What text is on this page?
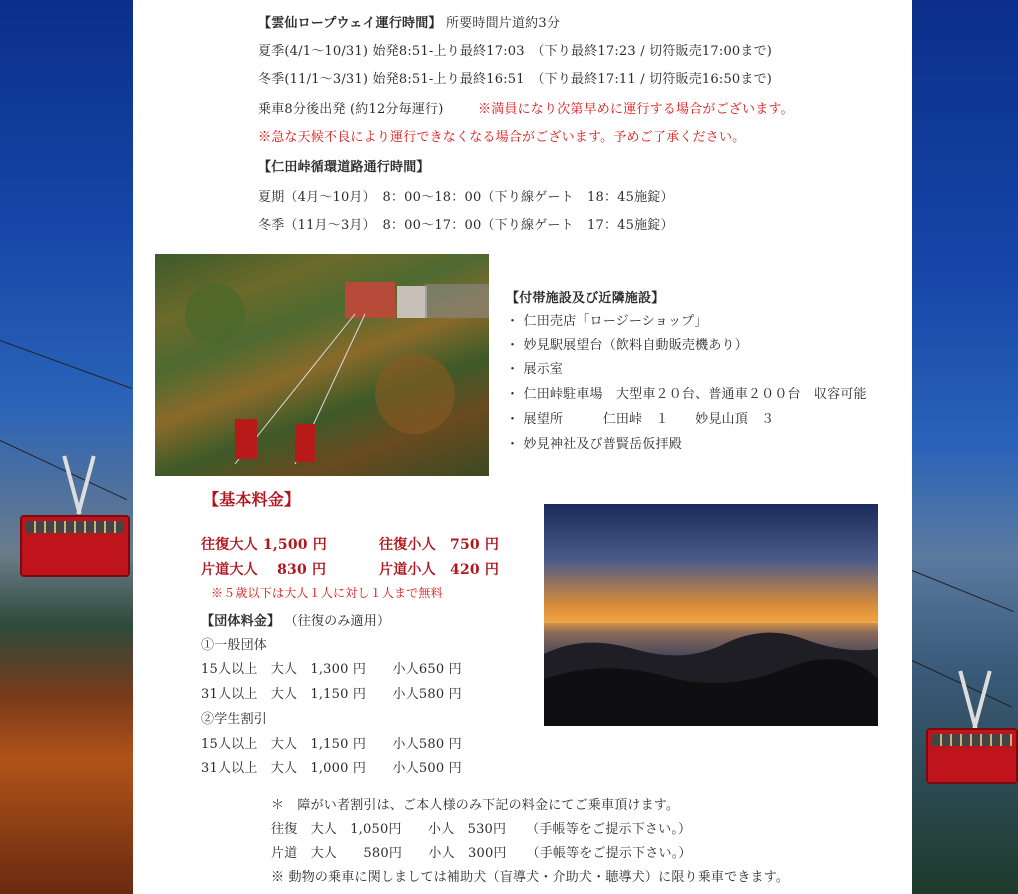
【雲仙ロープウェイ運行時間】 所要時間片道約3分
夏季(4/1～10/31) 始発8:51-上り最終17:03　（下り最終17:23 / 切符販売17:00まで)
冬季(11/1～3/31) 始発8:51-上り最終16:51　（下り最終17:11 / 切符販売16:50まで)
乗車8分後出発 (約12分毎運行)	※満員になり次第早めに運行する場合がございます。
※急な天候不良により運行できなくなる場合がございます。予めご了承ください。
【仁田峠循環道路通行時間】
夏期（4月～10月）　8：00～18：00（下り線ゲート　18：45施錠）
冬季（11月～3月）　8：00～17：00（下り線ゲート　17：45施錠）
【付帯施設及び近隣施設】
・ 仁田売店「ロージーショップ」
・ 妙見駅展望台（飲料自動販売機あり）
・ 展示室
・ 仁田峠駐車場　大型車２０台、普通車２００台　収容可能
・ 展望所　　　仁田峠　１　　妙見山頂　３
・ 妙見神社及び普賢岳仮拝殿
【基本料金】
往復大人 1,500 円	往復小人　750 円
片道大人　 830 円	片道小人　420 円
※５歳以下は大人１人に対し１人まで無料
【団体料金】 （往復のみ適用）
①一般団体
15人以上　大人　1,300 円　　小人650 円
31人以上　大人　1,150 円　　小人580 円
②学生割引
15人以上　大人　1,150 円　　小人580 円
31人以上　大人　1,000 円　　小人500 円
＊　障がい者割引は、ご本人様のみ下記の料金にてご乗車頂けます。
往復　大人　1,050円　　小人　530円　　（手帳等をご提示下さい。）
片道　大人　　580円　　小人　300円　　（手帳等をご提示下さい。）
※ 動物の乗車に関しましては補助犬（盲導犬・介助犬・聴導犬）に限り乗車できます。
